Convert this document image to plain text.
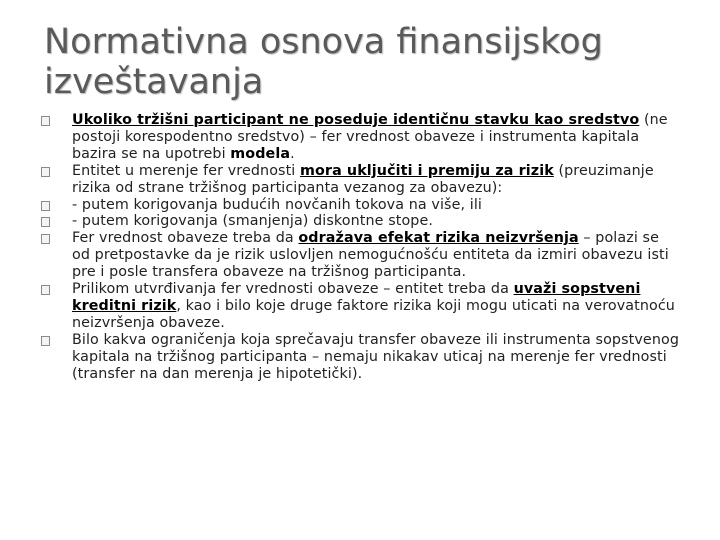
Normativna osnova finansijskog izveštavanja
Ukoliko tržišni participant ne poseduje identičnu stavku kao sredstvo (ne postoji korespodentno sredstvo) – fer vrednost obaveze i instrumenta kapitala bazira se na upotrebi modela.
Entitet u merenje fer vrednosti mora uključiti i premiju za rizik (preuzimanje rizika od strane tržišnog participanta vezanog za obavezu):
- putem korigovanja budućih novčanih tokova na više, ili
- putem korigovanja (smanjenja) diskontne stope.
Fer vrednost obaveze treba da odražava efekat rizika neizvršenja – polazi se od pretpostavke da je rizik uslovljen nemogućnošću entiteta da izmiri obavezu isti pre i posle transfera obaveze na tržišnog participanta.
Prilikom utvrđivanja fer vrednosti obaveze – entitet treba da uvaži sopstveni kreditni rizik, kao i bilo koje druge faktore rizika koji mogu uticati na verovatnoću neizvršenja obaveze.
Bilo kakva ograničenja koja sprečavaju transfer obaveze ili instrumenta sopstvenog kapitala na tržišnog participanta – nemaju nikakav uticaj na merenje fer vrednosti (transfer na dan merenja je hipotetički).
